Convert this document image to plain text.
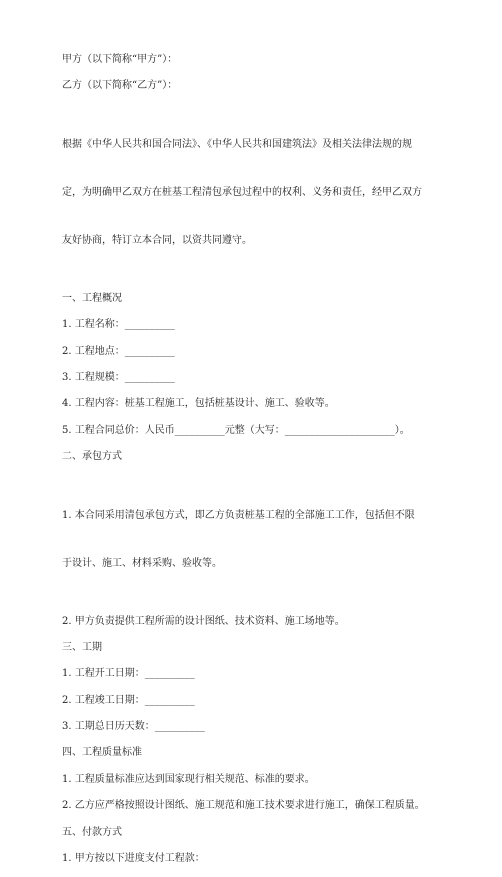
甲方（以下简称“甲方”）：
乙方（以下简称“乙方”）：

根据《中华人民共和国合同法》、《中华人民共和国建筑法》及相关法律法规的规

定，为明确甲乙双方在桩基工程清包承包过程中的权利、义务和责任，经甲乙双方

友好协商，特订立本合同，以资共同遵守。

一、工程概况
1. 工程名称：__________
2. 工程地点：__________
3. 工程规模：__________
4. 工程内容：桩基工程施工，包括桩基设计、施工、验收等。
5. 工程合同总价：人民币__________元整（大写：______________________）。
二、承包方式

1. 本合同采用清包承包方式，即乙方负责桩基工程的全部施工工作，包括但不限

于设计、施工、材料采购、验收等。

2. 甲方负责提供工程所需的设计图纸、技术资料、施工场地等。
三、工期
1. 工程开工日期：__________
2. 工程竣工日期：__________
3. 工期总日历天数：__________
四、工程质量标准
1. 工程质量标准应达到国家现行相关规范、标准的要求。
2. 乙方应严格按照设计图纸、施工规范和施工技术要求进行施工，确保工程质量。
五、付款方式
1. 甲方按以下进度支付工程款：
